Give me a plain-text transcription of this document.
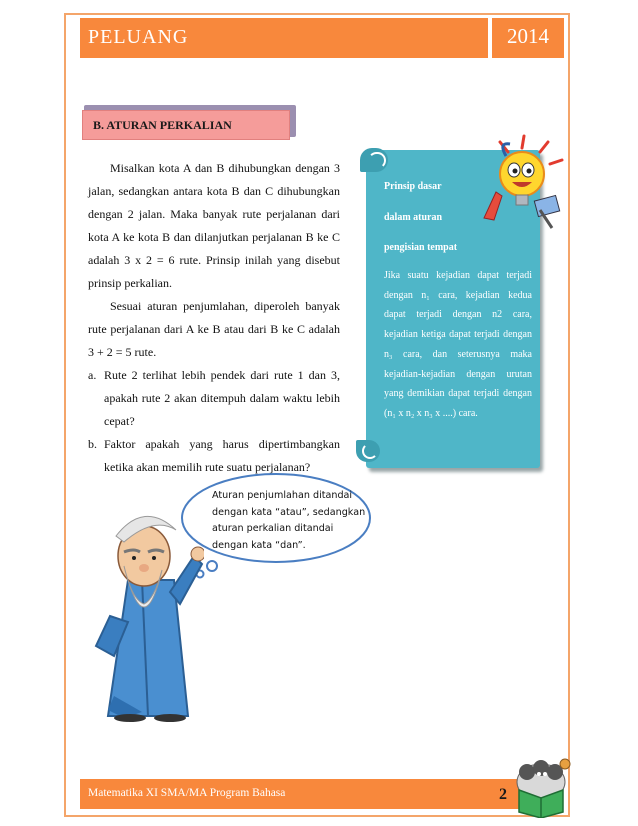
PELUANG	2014
B. ATURAN PERKALIAN

Misalkan kota A dan B dihubungkan dengan 3 jalan, sedangkan antara kota B dan C dihubungkan dengan 2 jalan. Maka banyak rute perjalanan dari kota A ke kota B dan dilanjutkan perjalanan B ke C adalah 3 x 2 = 6 rute. Prinsip inilah yang disebut prinsip perkalian.

Sesuai aturan penjumlahan, diperoleh banyak rute perjalanan dari A ke B atau dari B ke C adalah 3 + 2 = 5 rute.

a. Rute 2 terlihat lebih pendek dari rute 1 dan 3, apakah rute 2 akan ditempuh dalam waktu lebih cepat?
b. Faktor apakah yang harus dipertimbangkan ketika akan memilih rute suatu perjalanan?
Prinsip dasar
dalam aturan
pengisian tempat
Jika suatu kejadian dapat terjadi dengan n₁ cara, kejadian kedua dapat terjadi dengan n2 cara, kejadian ketiga dapat terjadi dengan n₃ cara, dan seterusnya maka kejadian-kejadian dengan urutan yang demikian dapat terjadi dengan (n₁ x n₂ x n₃ x ....) cara.
Aturan penjumlahan ditandai dengan kata “atau”, sedangkan aturan perkalian ditandai dengan kata “dan”.
Matematika XI SMA/MA Program Bahasa	2
